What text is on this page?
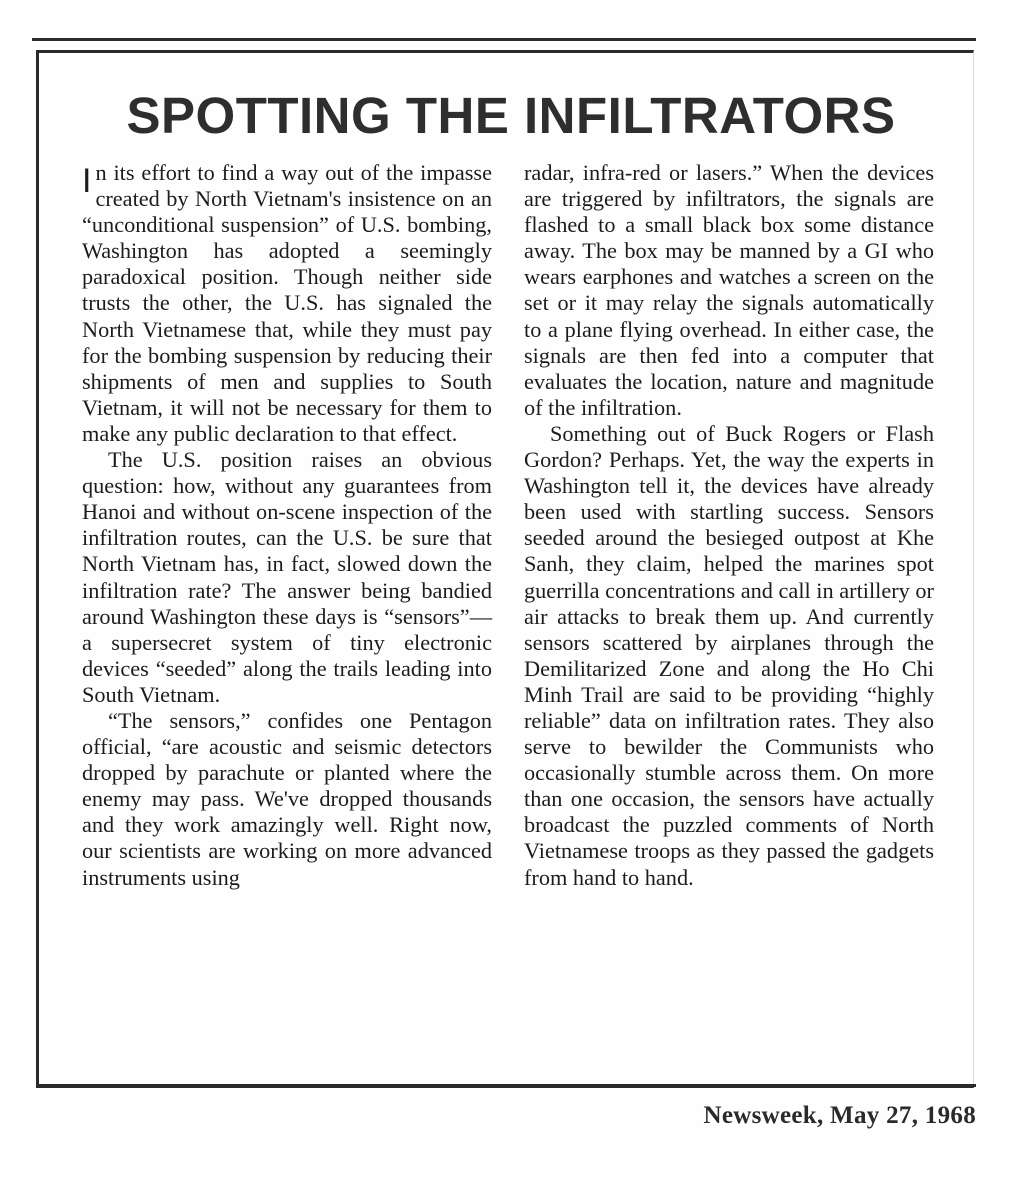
SPOTTING THE INFILTRATORS

In its effort to find a way out of the impasse created by North Vietnam's insistence on an “unconditional suspension” of U.S. bombing, Washington has adopted a seemingly paradoxical position. Though neither side trusts the other, the U.S. has signaled the North Vietnamese that, while they must pay for the bombing suspension by reducing their shipments of men and supplies to South Vietnam, it will not be necessary for them to make any public declaration to that effect.

The U.S. position raises an obvious question: how, without any guarantees from Hanoi and without on-scene inspection of the infiltration routes, can the U.S. be sure that North Vietnam has, in fact, slowed down the infiltration rate? The answer being bandied around Washington these days is “sensors”—a supersecret system of tiny electronic devices “seeded” along the trails leading into South Vietnam.

“The sensors,” confides one Pentagon official, “are acoustic and seismic detectors dropped by parachute or planted where the enemy may pass. We've dropped thousands and they work amazingly well. Right now, our scientists are working on more advanced instruments using

radar, infra-red or lasers.” When the devices are triggered by infiltrators, the signals are flashed to a small black box some distance away. The box may be manned by a GI who wears earphones and watches a screen on the set or it may relay the signals automatically to a plane flying overhead. In either case, the signals are then fed into a computer that evaluates the location, nature and magnitude of the infiltration.

Something out of Buck Rogers or Flash Gordon? Perhaps. Yet, the way the experts in Washington tell it, the devices have already been used with startling success. Sensors seeded around the besieged outpost at Khe Sanh, they claim, helped the marines spot guerrilla concentrations and call in artillery or air attacks to break them up. And currently sensors scattered by airplanes through the Demilitarized Zone and along the Ho Chi Minh Trail are said to be providing “highly reliable” data on infiltration rates. They also serve to bewilder the Communists who occasionally stumble across them. On more than one occasion, the sensors have actually broadcast the puzzled comments of North Vietnamese troops as they passed the gadgets from hand to hand.

Newsweek, May 27, 1968
